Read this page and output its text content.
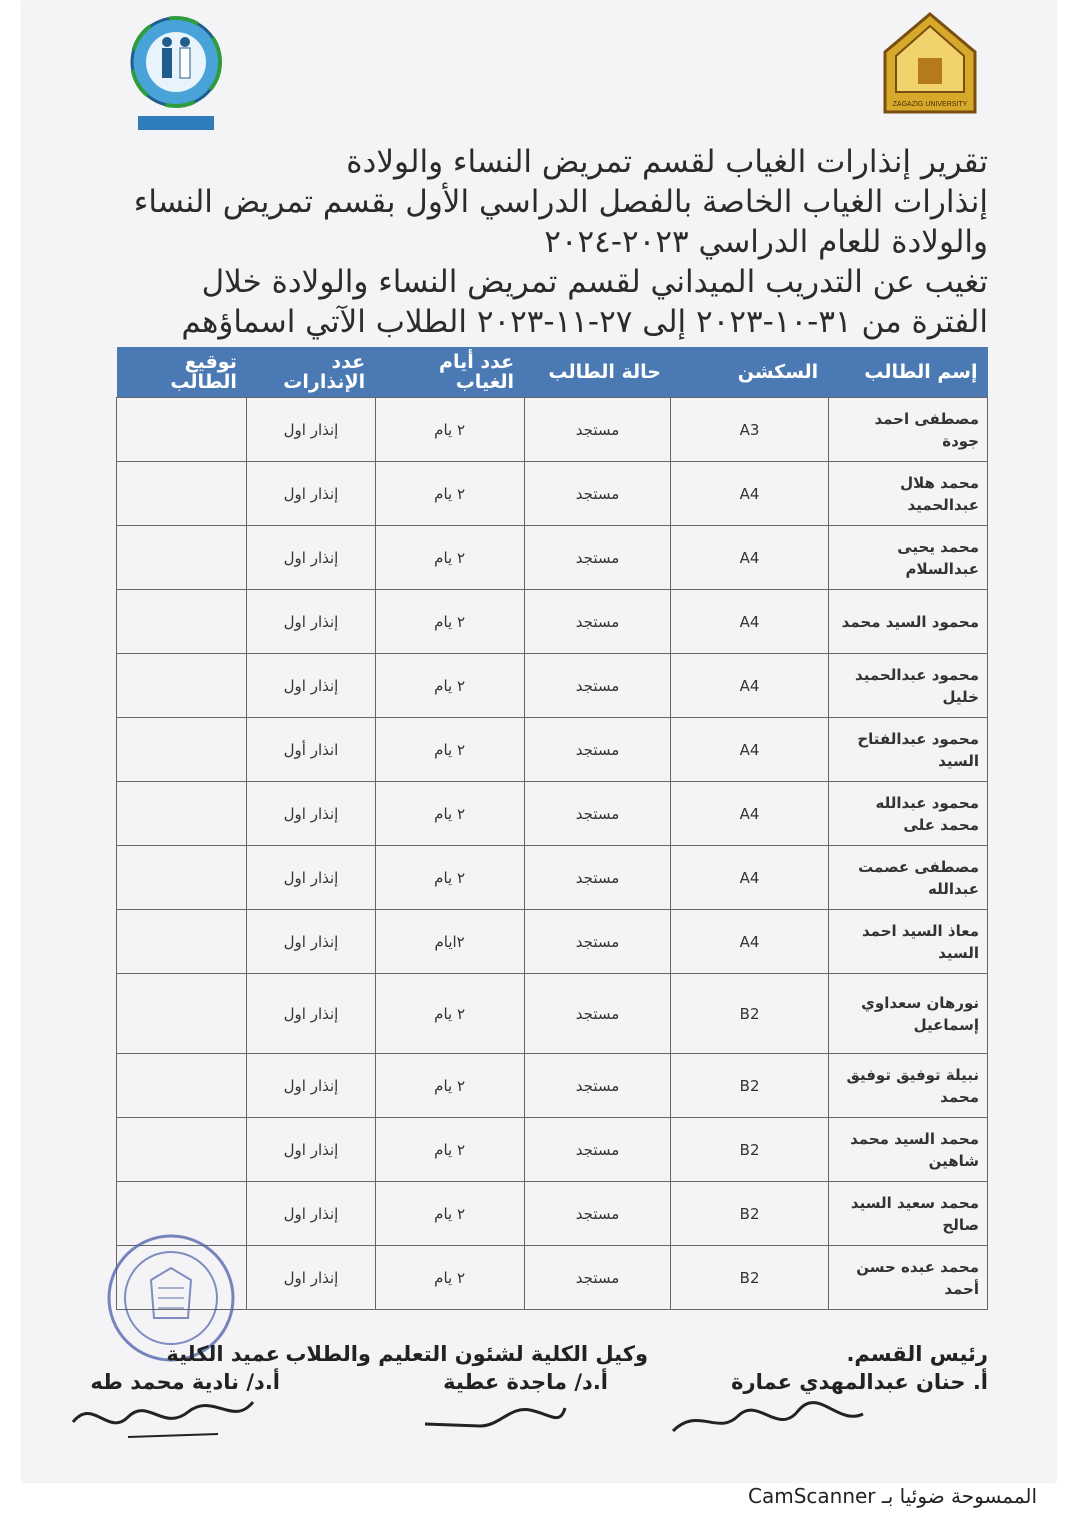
ZAGAZIG UNIVERSITY
تقرير إنذارات الغياب لقسم تمريض النساء والولادة
إنذارات الغياب الخاصة بالفصل الدراسي الأول بقسم تمريض النساء
والولادة للعام الدراسي ٢٠٢٣-٢٠٢٤
تغيب عن التدريب الميداني لقسم تمريض النساء والولادة خلال
الفترة من ٣١-١٠-٢٠٢٣ إلى ٢٧-١١-٢٠٢٣ الطلاب الآتي اسماؤهم
إسم الطالب	السكشن	حالة الطالب	عدد أيام الغياب	عدد الإنذارات	توقيع الطالب
مصطفى احمد جودة	A3	مستجد	٢ يام	إنذار اول	
محمد هلال عبدالحميد	A4	مستجد	٢ يام	إنذار اول	
محمد يحيى عبدالسلام	A4	مستجد	٢ يام	إنذار اول	
محمود السيد محمد	A4	مستجد	٢ يام	إنذار اول	
محمود عبدالحميد خليل	A4	مستجد	٢ يام	إنذار اول	
محمود عبدالفتاح السيد	A4	مستجد	٢ يام	انذار أول	
محمود عبدالله محمد على	A4	مستجد	٢ يام	إنذار اول	
مصطفى عصمت عبدالله	A4	مستجد	٢ يام	إنذار اول	
معاذ السيد احمد السيد	A4	مستجد	٢ايام	إنذار اول	
نورهان سعداوي إسماعيل	B2	مستجد	٢ يام	إنذار اول	
نبيلة توفيق توفيق محمد	B2	مستجد	٢ يام	إنذار اول	
محمد السيد محمد شاهين	B2	مستجد	٢ يام	إنذار اول	
محمد سعيد السيد صالح	B2	مستجد	٢ يام	إنذار اول	
محمد عبده حسن أحمد	B2	مستجد	٢ يام	إنذار اول	
رئيس القسم.
أ. حنان عبدالمهدي عمارة
وكيل الكلية لشئون التعليم والطلاب
أ.د/ ماجدة عطية
عميد الكلية
أ.د/ نادية محمد طه
الممسوحة ضوئيا بـ CamScanner
